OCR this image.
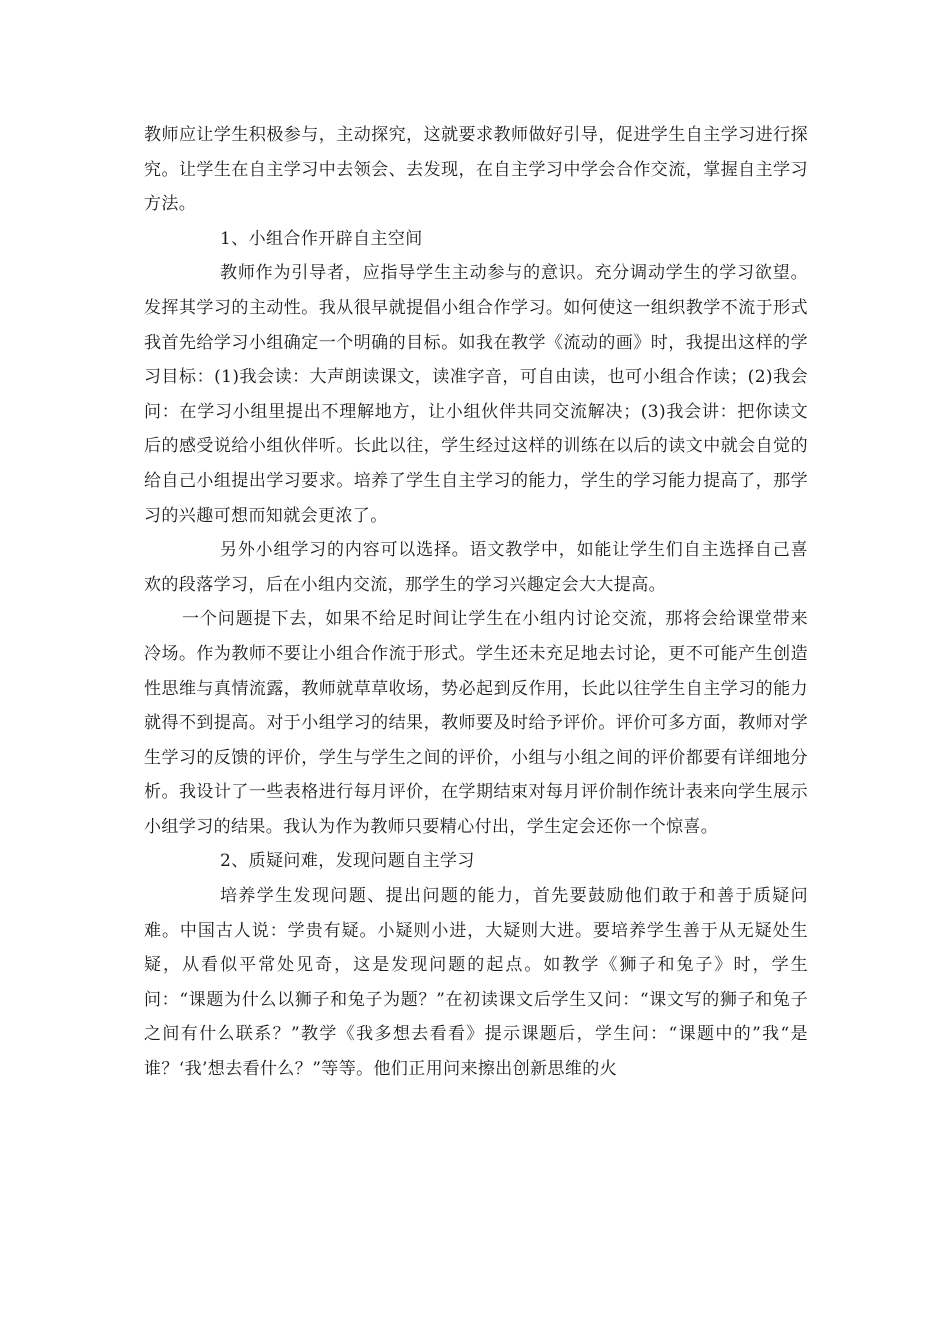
教师应让学生积极参与，主动探究，这就要求教师做好引导，促进学生自主学习进行探究。让学生在自主学习中去领会、去发现，在自主学习中学会合作交流，掌握自主学习方法。

1、小组合作开辟自主空间

教师作为引导者，应指导学生主动参与的意识。充分调动学生的学习欲望。发挥其学习的主动性。我从很早就提倡小组合作学习。如何使这一组织教学不流于形式我首先给学习小组确定一个明确的目标。如我在教学《流动的画》时，我提出这样的学习目标：(1)我会读：大声朗读课文，读准字音，可自由读，也可小组合作读；(2)我会问：在学习小组里提出不理解地方，让小组伙伴共同交流解决；(3)我会讲：把你读文后的感受说给小组伙伴听。长此以往，学生经过这样的训练在以后的读文中就会自觉的给自己小组提出学习要求。培养了学生自主学习的能力，学生的学习能力提高了，那学习的兴趣可想而知就会更浓了。

另外小组学习的内容可以选择。语文教学中，如能让学生们自主选择自己喜欢的段落学习，后在小组内交流，那学生的学习兴趣定会大大提高。

一个问题提下去，如果不给足时间让学生在小组内讨论交流，那将会给课堂带来冷场。作为教师不要让小组合作流于形式。学生还未充足地去讨论，更不可能产生创造性思维与真情流露，教师就草草收场，势必起到反作用，长此以往学生自主学习的能力就得不到提高。对于小组学习的结果，教师要及时给予评价。评价可多方面，教师对学生学习的反馈的评价，学生与学生之间的评价，小组与小组之间的评价都要有详细地分析。我设计了一些表格进行每月评价，在学期结束对每月评价制作统计表来向学生展示小组学习的结果。我认为作为教师只要精心付出，学生定会还你一个惊喜。

2、质疑问难，发现问题自主学习

培养学生发现问题、提出问题的能力，首先要鼓励他们敢于和善于质疑问难。中国古人说：学贵有疑。小疑则小进，大疑则大进。要培养学生善于从无疑处生疑，从看似平常处见奇，这是发现问题的起点。如教学《狮子和兔子》时，学生问：“课题为什么以狮子和兔子为题？”在初读课文后学生又问：“课文写的狮子和兔子之间有什么联系？”教学《我多想去看看》提示课题后，学生问：“课题中的”我“是谁？‘我’想去看什么？”等等。他们正用问来擦出创新思维的火
